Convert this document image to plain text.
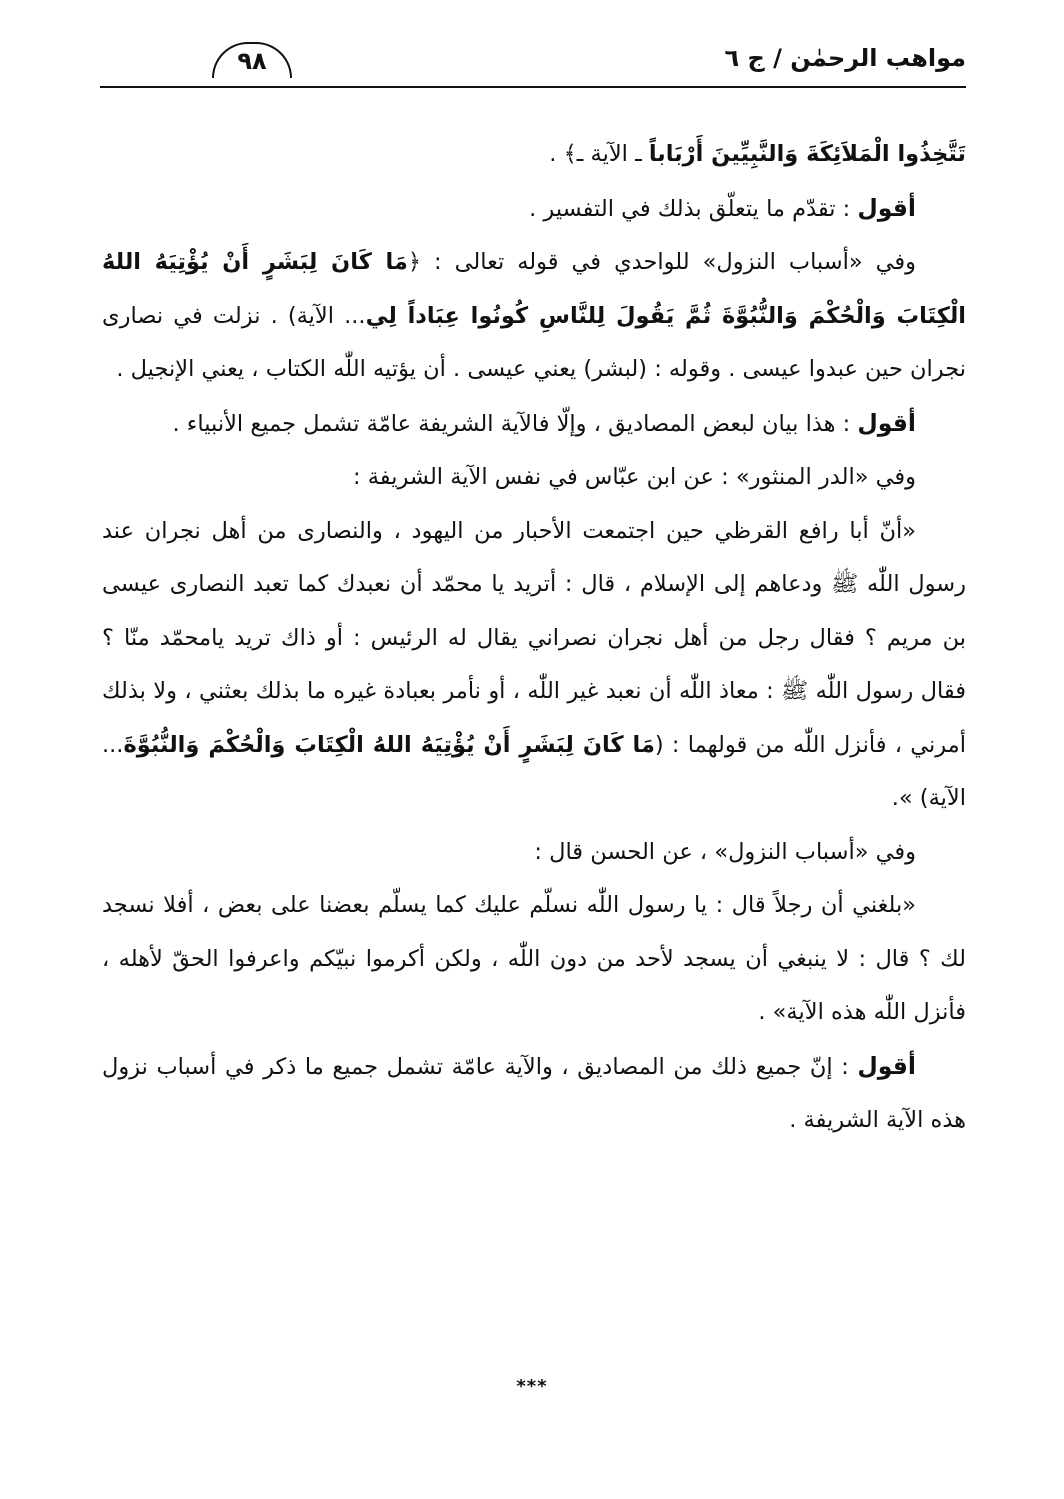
مواهب الرحمٰن / ج ٦
٩٨

تَتَّخِذُوا الْمَلاَئِكَةَ وَالنَّبِيِّينَ أَرْبَاباً ـ الآية ـ﴾ .

أقول : تقدّم ما يتعلّق بذلك في التفسير .

وفي «أسباب النزول» للواحدي في قوله تعالى : ﴿مَا كَانَ لِبَشَرٍ أَنْ يُؤْتِيَهُ اللهُ الْكِتَابَ وَالْحُكْمَ وَالنُّبُوَّةَ ثُمَّ يَقُولَ لِلنَّاسِ كُونُوا عِبَاداً لِي... الآية) . نزلت في نصارى نجران حين عبدوا عيسى . وقوله : (لبشر) يعني عيسى . أن يؤتيه اللّٰه الكتاب ، يعني الإنجيل .

أقول : هذا بيان لبعض المصاديق ، وإلّا فالآية الشريفة عامّة تشمل جميع الأنبياء .

وفي «الدر المنثور» : عن ابن عبّاس في نفس الآية الشريفة :

«أنّ أبا رافع القرظي حين اجتمعت الأحبار من اليهود ، والنصارى من أهل نجران عند رسول اللّٰه ﷺ ودعاهم إلى الإسلام ، قال : أتريد يا محمّد أن نعبدك كما تعبد النصارى عيسى بن مريم ؟ فقال رجل من أهل نجران نصراني يقال له الرئيس : أو ذاك تريد يامحمّد منّا ؟ فقال رسول اللّٰه ﷺ : معاذ اللّٰه أن نعبد غير اللّٰه ، أو نأمر بعبادة غيره ما بذلك بعثني ، ولا بذلك أمرني ، فأنزل اللّٰه من قولهما : (مَا كَانَ لِبَشَرٍ أَنْ يُؤْتِيَهُ اللهُ الْكِتَابَ وَالْحُكْمَ وَالنُّبُوَّةَ... الآية) ».

وفي «أسباب النزول» ، عن الحسن قال :

«بلغني أن رجلاً قال : يا رسول اللّٰه نسلّم عليك كما يسلّم بعضنا على بعض ، أفلا نسجد لك ؟ قال : لا ينبغي أن يسجد لأحد من دون اللّٰه ، ولكن أكرموا نبيّكم واعرفوا الحقّ لأهله ، فأنزل اللّٰه هذه الآية» .

أقول : إنّ جميع ذلك من المصاديق ، والآية عامّة تشمل جميع ما ذكر في أسباب نزول هذه الآية الشريفة .

***
